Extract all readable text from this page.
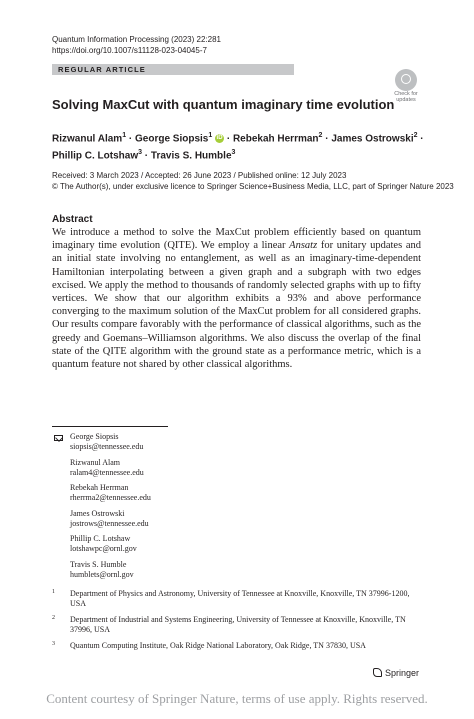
Quantum Information Processing (2023) 22:281
https://doi.org/10.1007/s11128-023-04045-7
REGULAR ARTICLE
Check for
updates
Solving MaxCut with quantum imaginary time evolution
Rizwanul Alam$^1$ · George Siopsis$^1$ iD · Rebekah Herrman$^2$ · James Ostrowski$^2$ ·
Phillip C. Lotshaw$^3$ · Travis S. Humble$^3$
Received: 3 March 2023 / Accepted: 26 June 2023 / Published online: 12 July 2023
© The Author(s), under exclusive licence to Springer Science+Business Media, LLC, part of Springer Nature 2023
Abstract
We introduce a method to solve the MaxCut problem efficiently based on quantum imaginary time evolution (QITE). We employ a linear Ansatz for unitary updates and an initial state involving no entanglement, as well as an imaginary-time-dependent Hamiltonian interpolating between a given graph and a subgraph with two edges excised. We apply the method to thousands of randomly selected graphs with up to fifty vertices. We show that our algorithm exhibits a 93% and above performance converging to the maximum solution of the MaxCut problem for all considered graphs. Our results compare favorably with the performance of classical algorithms, such as the greedy and Goemans–Williamson algorithms. We also discuss the overlap of the final state of the QITE algorithm with the ground state as a performance metric, which is a quantum feature not shared by other classical algorithms.
George Siopsis
siopsis@tennessee.edu
Rizwanul Alam
ralam4@tennessee.edu
Rebekah Herrman
rherrma2@tennessee.edu
James Ostrowski
jostrows@tennessee.edu
Phillip C. Lotshaw
lotshawpc@ornl.gov
Travis S. Humble
humblets@ornl.gov
1 Department of Physics and Astronomy, University of Tennessee at Knoxville, Knoxville, TN 37996-1200, USA
2 Department of Industrial and Systems Engineering, University of Tennessee at Knoxville, Knoxville, TN 37996, USA
3 Quantum Computing Institute, Oak Ridge National Laboratory, Oak Ridge, TN 37830, USA
Springer
Content courtesy of Springer Nature, terms of use apply. Rights reserved.
